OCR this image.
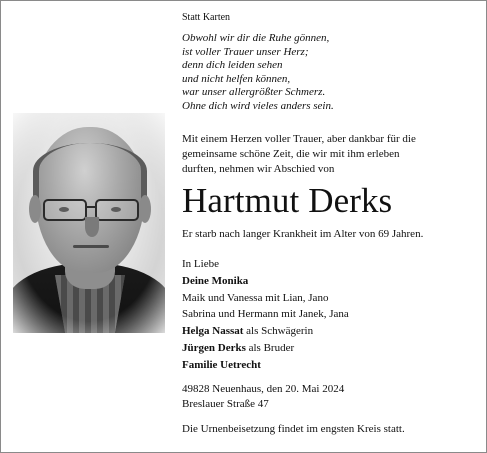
Statt Karten
Obwohl wir dir die Ruhe gönnen,
ist voller Trauer unser Herz;
denn dich leiden sehen
und nicht helfen können,
war unser allergrößter Schmerz.
Ohne dich wird vieles anders sein.
Mit einem Herzen voller Trauer, aber dankbar für die
gemeinsame schöne Zeit, die wir mit ihm erleben
durften, nehmen wir Abschied von
Hartmut Derks
Er starb nach langer Krankheit im Alter von 69 Jahren.
In Liebe
Deine Monika
Maik und Vanessa mit Lian, Jano
Sabrina und Hermann mit Janek, Jana
Helga Nassat als Schwägerin
Jürgen Derks als Bruder
Familie Uetrecht
49828 Neuenhaus, den 20. Mai 2024
Breslauer Straße 47
Die Urnenbeisetzung findet im engsten Kreis statt.
